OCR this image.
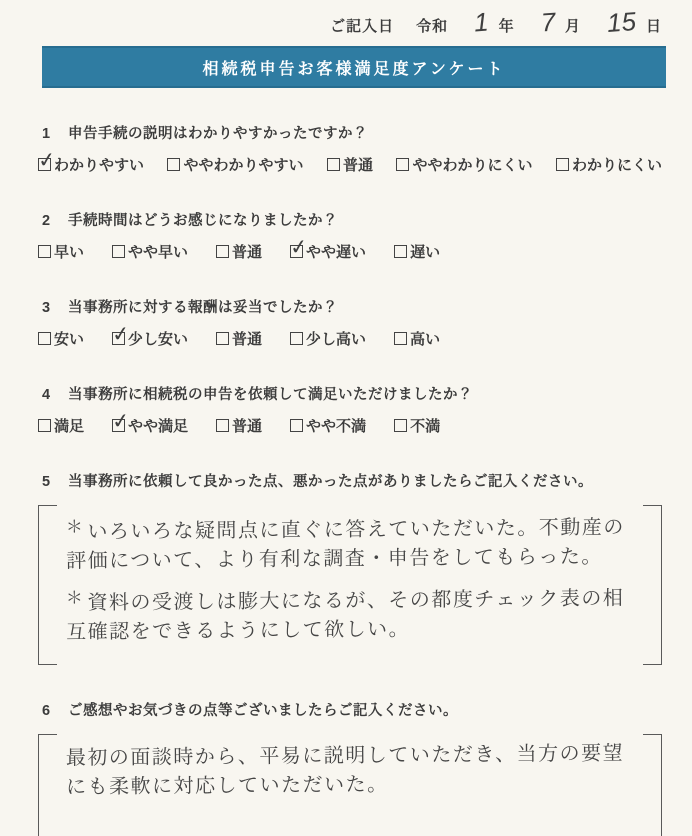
ご記入日 令和 1 年 7 月 15 日
相続税申告お客様満足度アンケート
1 申告手続の説明はわかりやすかったですか？
✓
わかりやすい	ややわかりやすい	普通	ややわかりにくい	わかりにくい
2 手続時間はどうお感じになりましたか？
早い	やや早い	普通 ✓	やや遅い	遅い
3 当事務所に対する報酬は妥当でしたか？
安い ✓	少し安い	普通	少し高い	高い
4 当事務所に相続税の申告を依頼して満足いただけましたか？
満足 ✓	やや満足	普通	やや不満	不満
5 当事務所に依頼して良かった点、悪かった点がありましたらご記入ください。

＊ いろいろな疑問点に直ぐに答えていただいた。不動産の評価について、より有利な調査・申告をしてもらった。

＊ 資料の受渡しは膨大になるが、その都度チェック表の相互確認をできるようにして欲しい。

6 ご感想やお気づきの点等ございましたらご記入ください。

最初の面談時から、平易に説明していただき、当方の要望にも柔軟に対応していただいた。
